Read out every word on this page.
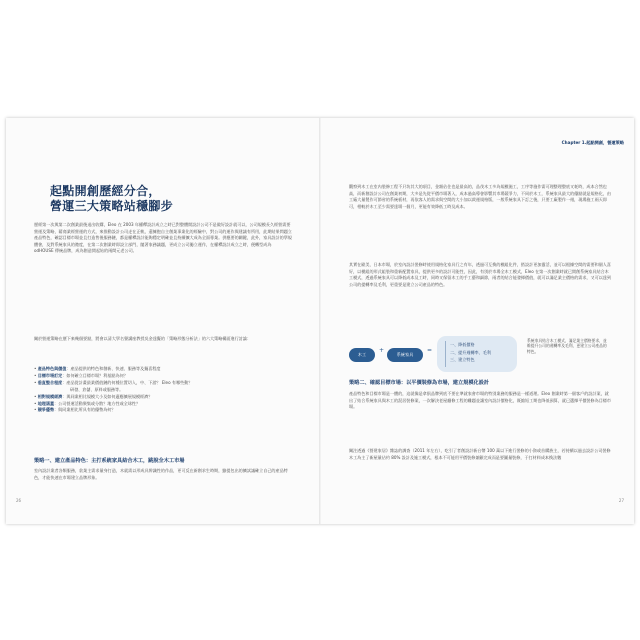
起點開創歷經分合，
營運三大策略站穩腳步

歷經第一次與第二次創業最後退出收購，Eleo 在 2003 年權釋設計成立之時已對整體開設計公司不是做好設計就可以，公司規模長久經營需要營運及策略，藉商業經營運的方式，來推動設計公司走在正軌，還擁抱自主創業事業化的經驗中，對公司的運作與建議有所用，此期結果問題立產品特色，確認目標市場並且打造售後服務鏈，都是權釋設計能夠穩定明確並且持續擴大成為全面專業。供應要的關鍵，此外，家具設計的學規體會，及對系統家具的邀度，在第二次創業時即設立部門，隨著家務議題，更成立公司獨立運作，在權釋設計成立之時，便轉型成為 odHOUSE 傳統品牌，成為創造開起始的兩間元老公司。

關於營運策略在歷下來幾個要點，將會以清大學名譽講座教授吳金達擬的「策略形態分析法」的六大策略構面進行討論：

• 產品特色與價值：產品提供的特色和創新、快速、服務等及獨喜程度
• 目標市場訂定：如何確立目標市場？利基點為何？
• 垂直整合程度：產品從計畫最業價值鏈的何種位置切入，中、下游？ Eleo 有哪些動？
研發、倉儲、原料或服務等。
• 相對規模經濟：與同業相比規模大小及如何適應擴展規模經濟？
• 地理涵蓋：公司營運活動聚集或分散？地方性或全球性？
• 競爭優勢：與同業相比所具有的優勢為何？

策略一、建立產品特色：主打系統家具結合木工，跳脫全木工市場

室內設計業者各類服務，款業主需求量身打造，木就需以形成具辨識性的作品，更可反在新創求生時期，雖提包出的擴試議確立自己的產品特色，才能快速在市場建立品牌形象。

26
Chapter 1.起點開創，營運策略

觀察到木工在室內裝修工程不只坊其大的項目，金額佔住也是最高的，品茂木工多為規模施工，工序等施作需可理整理整底又耗時，成本合然也高，而新創設計公司在創業初期，大多是先從平價市場著入，成本過高導會影響其市場競爭力，不同於木工，系統家具最大的優點就是規格化，由工廠大量製作可節省的系統板材，再依客人的需求與空間的大小加以裁運規格版，一般系統家具下訂之後，只要工廠製作一週，現場施工兩天即可，相較於木工至少需要達場一個月，更能有效降低工時及成本。

其實在歐美、日本市場，於室內設計裝修時使用規格化家具行之有年，透過可互換的模組化件，搭設計更加靈活，並可以根據空間的需要和個人喜好，以模組的形式組裝和重新配置家具，提供更多的設計可能性，因此，有別於市場全木工模式，Eleo 在第一次創業時就已開創系統家具結合木工模式，透過系統家具可以降低成本及工時，同時又保留木工的手工藝和細節，兩者的結合能發揮價值，就可以滿足業主價格的需求，又可以達到公司的提轉率及毛利，更重要是建立公司產品的特色。

木工
+
系統家具
=
一、降低價格
二、提升週轉率、毛利
三、建立特色
系統家具結合木工模式，滿足業主價格要求，並維提升公司的週轉率及毛利，更建立公司產品的特色。

策略二、確認目標市場：以平價裝修為市場，建立規模化設計

產品特色和目標市場是一體的，這就像是拿俱品牌到底不要在準就家會市場的特別業務的服務是一樣道理。Eleo 創業時第一個客戶的設計案，就出了結合系統家具與木工的混居裝修案，一次解決老屋翻修工程的難題並讓室內設計價格化，既縮短工期也降低預算，就已選擇平價裝修為目標市場。

關注透過《營建家居》雜誌的調查（2011 年左右），吃引了者創設計新台幣 100 萬以下進行裝修的小資或首購族主，若持續以過去設計公司裝修木工為主了新屋量佔約 80% 設計及施工模式，根本不可能用平價裝修兼顧完成而是要圖量裝修，于打材料成本換法數

27
